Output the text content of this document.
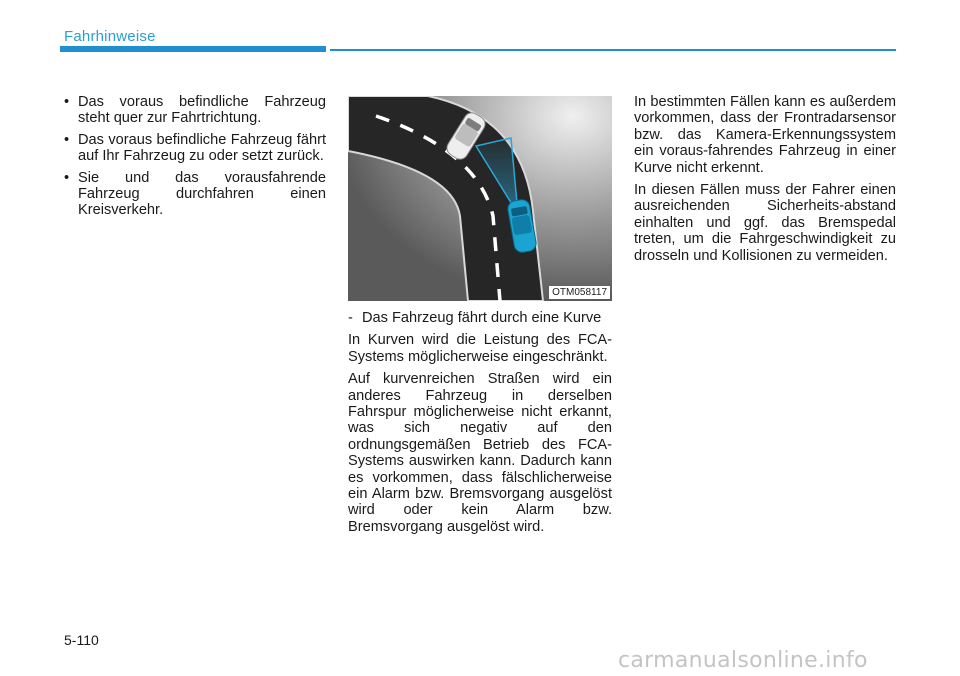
Fahrhinweise
• Das voraus befindliche Fahrzeug steht quer zur Fahrtrichtung.
• Das voraus befindliche Fahrzeug fährt auf Ihr Fahrzeug zu oder setzt zurück.
• Sie und das vorausfahrende Fahrzeug durchfahren einen Kreisverkehr.
OTM058117
- Das Fahrzeug fährt durch eine Kurve

In Kurven wird die Leistung des FCA-Systems möglicherweise eingeschränkt.

Auf kurvenreichen Straßen wird ein anderes Fahrzeug in derselben Fahrspur möglicherweise nicht erkannt, was sich negativ auf den ordnungsgemäßen Betrieb des FCA-Systems auswirken kann. Dadurch kann es vorkommen, dass fälschlicherweise ein Alarm bzw. Bremsvorgang ausgelöst wird oder kein Alarm bzw. Bremsvorgang ausgelöst wird.

In bestimmten Fällen kann es außerdem vorkommen, dass der Frontradarsensor bzw. das Kamera-Erkennungssystem ein voraus-fahrendes Fahrzeug in einer Kurve nicht erkennt.

In diesen Fällen muss der Fahrer einen ausreichenden Sicherheits-abstand einhalten und ggf. das Bremspedal treten, um die Fahrgeschwindigkeit zu drosseln und Kollisionen zu vermeiden.

5-110
carmanualsonline.info
